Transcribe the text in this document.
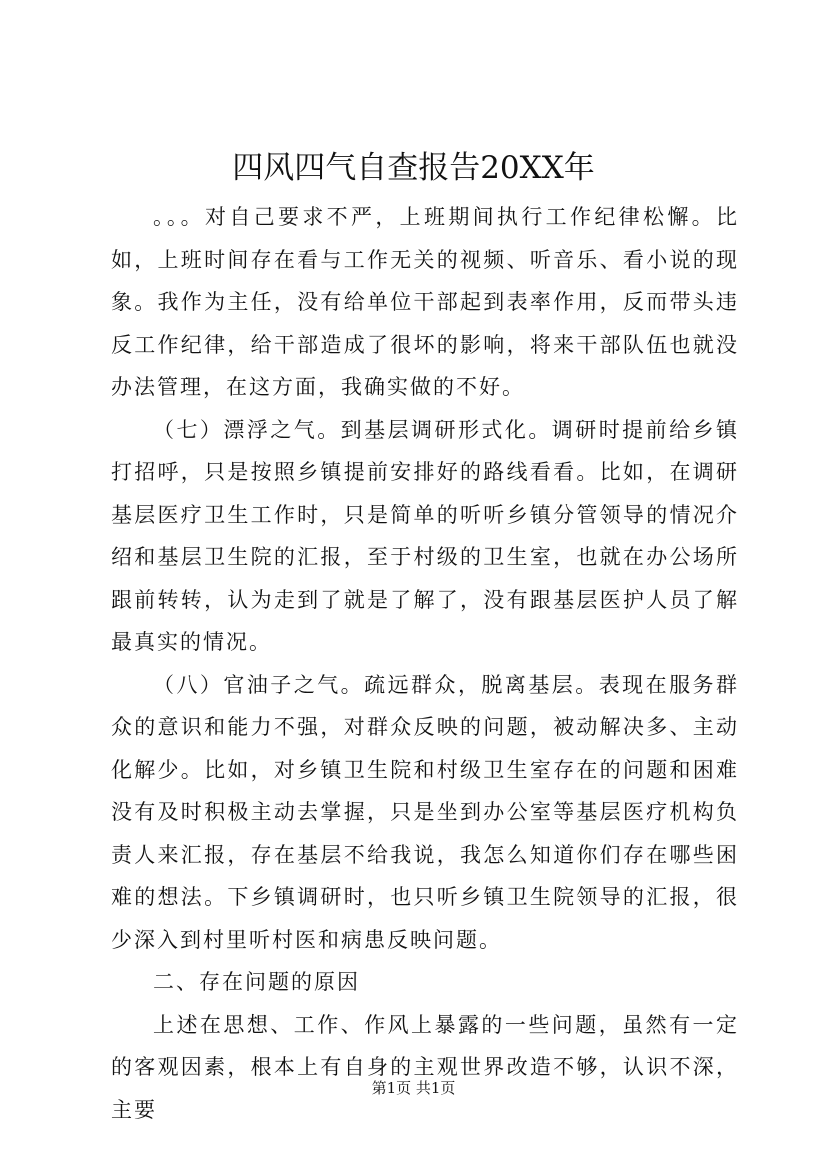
四风四气自查报告20XX年

。。。对自己要求不严，上班期间执行工作纪律松懈。比如，上班时间存在看与工作无关的视频、听音乐、看小说的现象。我作为主任，没有给单位干部起到表率作用，反而带头违反工作纪律，给干部造成了很坏的影响，将来干部队伍也就没办法管理，在这方面，我确实做的不好。

（七）漂浮之气。到基层调研形式化。调研时提前给乡镇打招呼，只是按照乡镇提前安排好的路线看看。比如，在调研基层医疗卫生工作时，只是简单的听听乡镇分管领导的情况介绍和基层卫生院的汇报，至于村级的卫生室，也就在办公场所跟前转转，认为走到了就是了解了，没有跟基层医护人员了解最真实的情况。

（八）官油子之气。疏远群众，脱离基层。表现在服务群众的意识和能力不强，对群众反映的问题，被动解决多、主动化解少。比如，对乡镇卫生院和村级卫生室存在的问题和困难没有及时积极主动去掌握，只是坐到办公室等基层医疗机构负责人来汇报，存在基层不给我说，我怎么知道你们存在哪些困难的想法。下乡镇调研时，也只听乡镇卫生院领导的汇报，很少深入到村里听村医和病患反映问题。

二、存在问题的原因

上述在思想、工作、作风上暴露的一些问题，虽然有一定的客观因素，根本上有自身的主观世界改造不够，认识不深，主要

第1页 共1页
